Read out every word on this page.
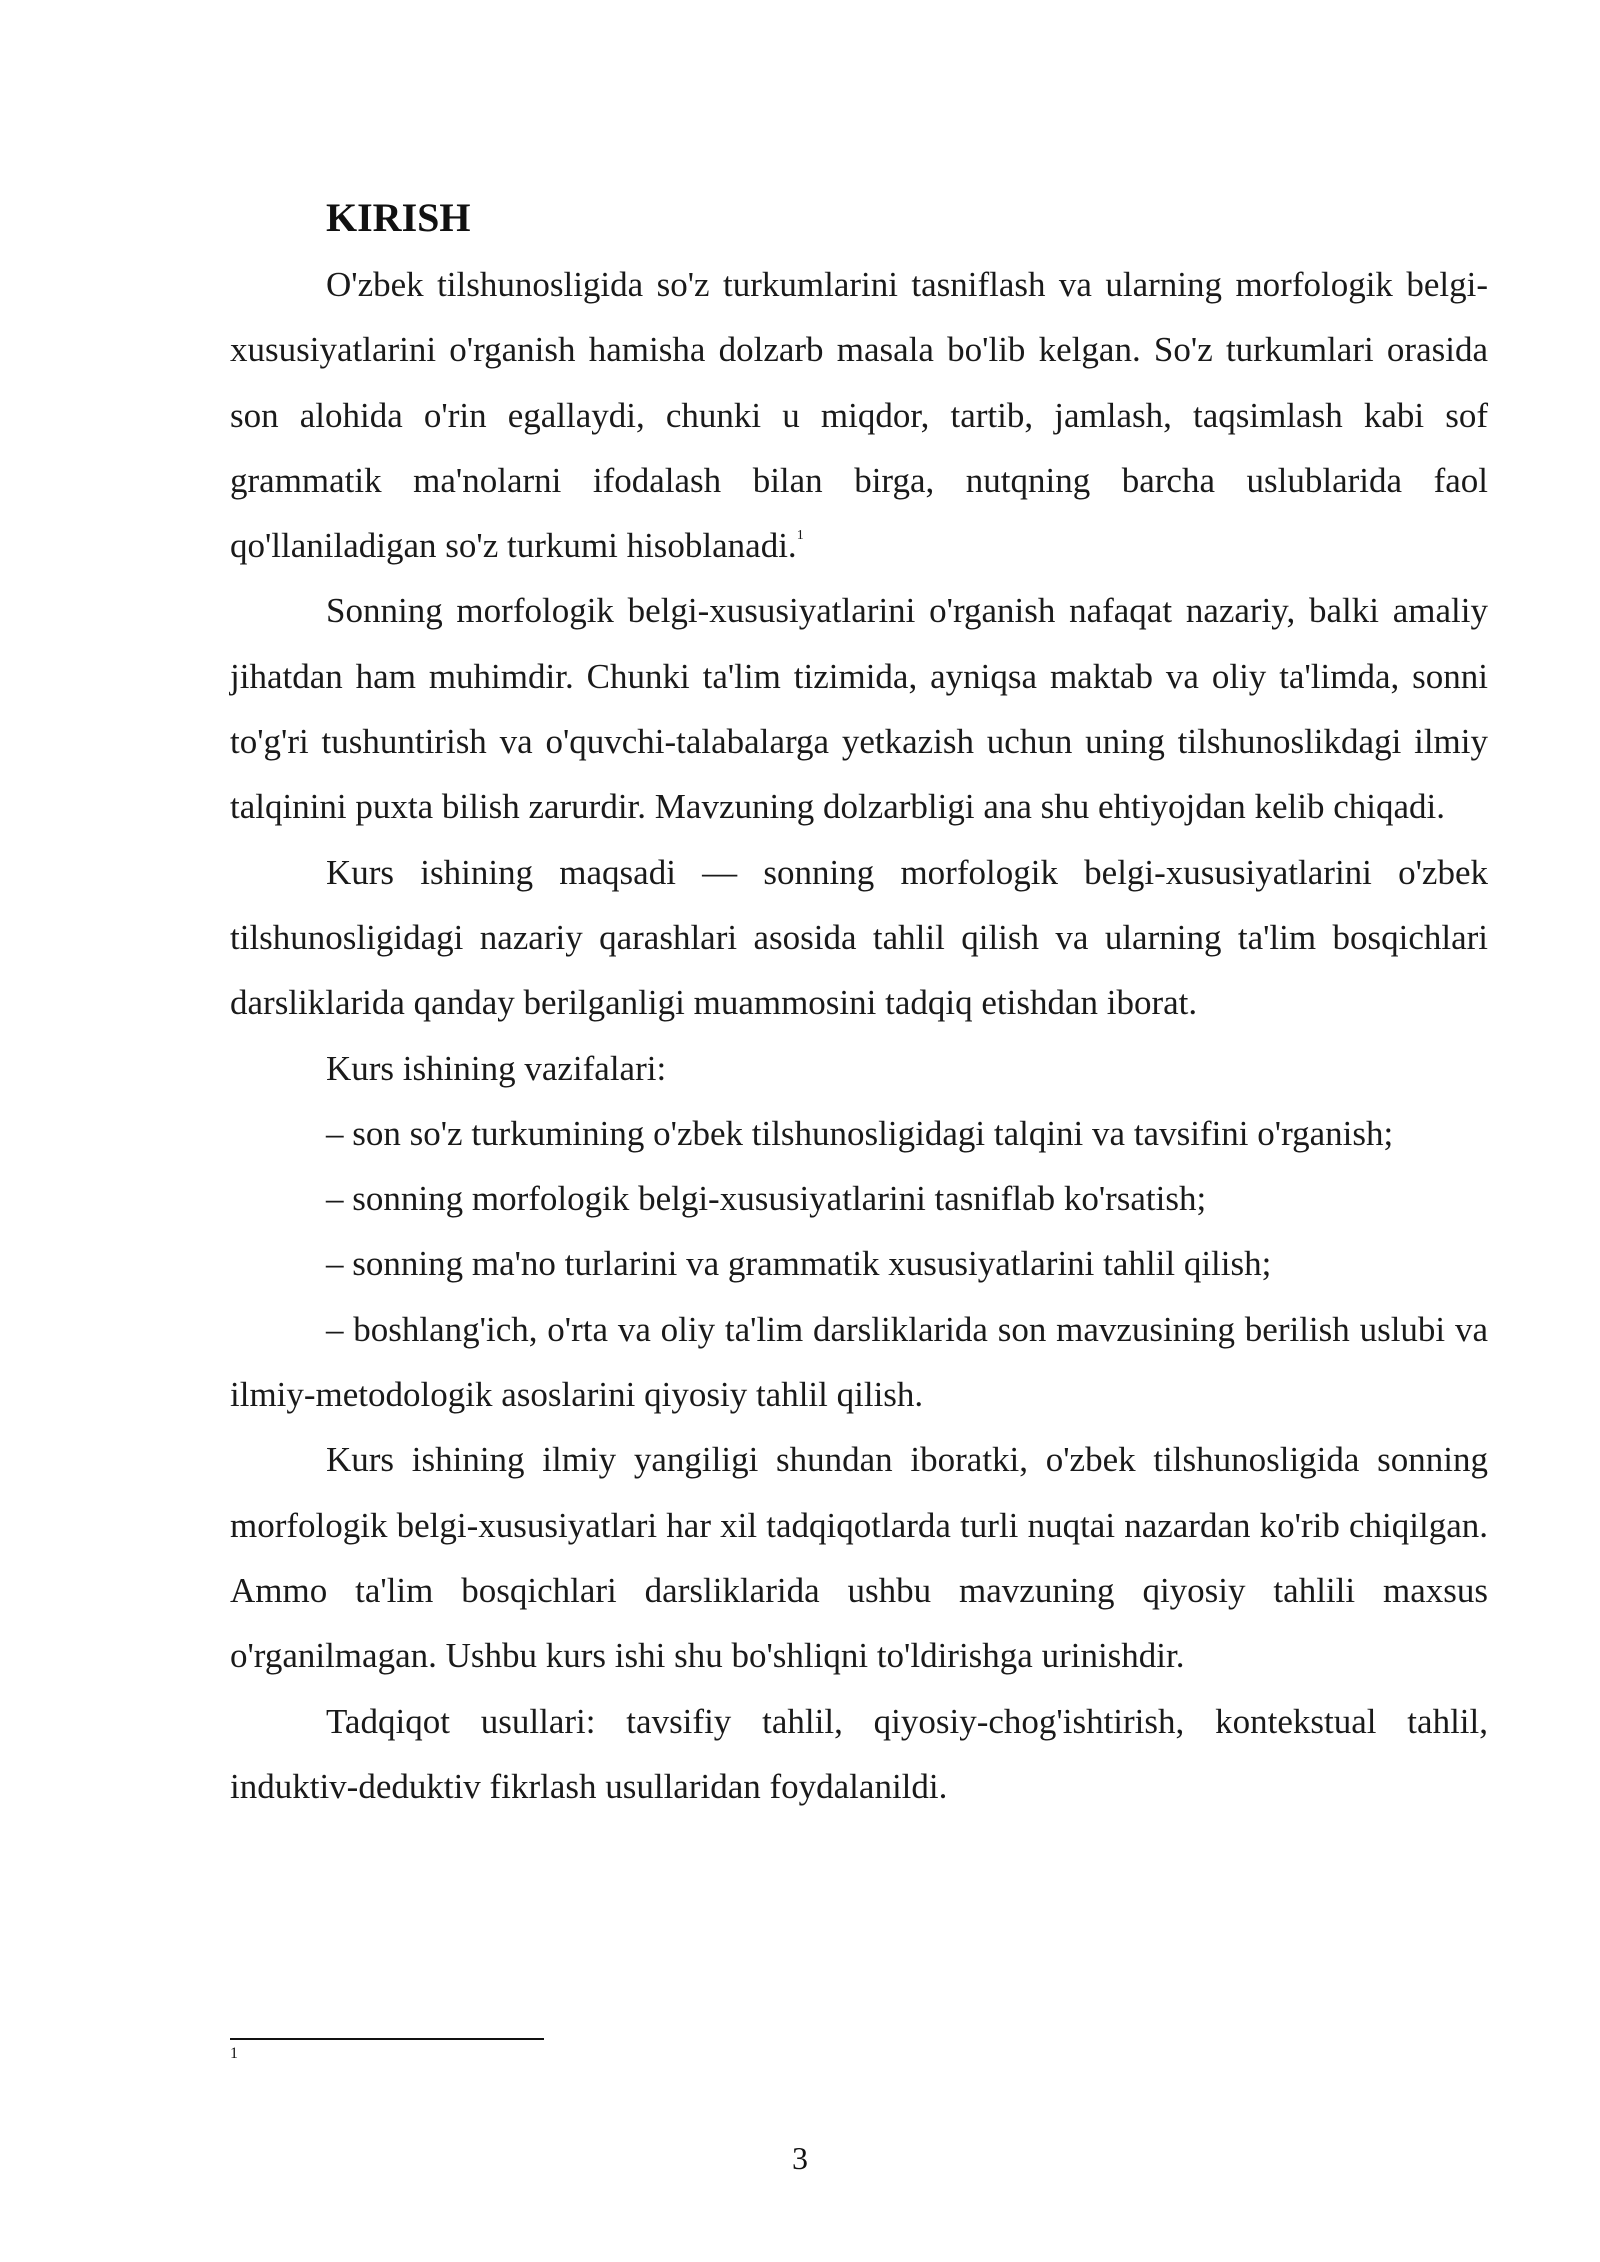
KIRISH

O'zbek tilshunosligida so'z turkumlarini tasniflash va ularning morfologik belgi-xususiyatlarini o'rganish hamisha dolzarb masala bo'lib kelgan. So'z turkumlari orasida son alohida o'rin egallaydi, chunki u miqdor, tartib, jamlash, taqsimlash kabi sof grammatik ma'nolarni ifodalash bilan birga, nutqning barcha uslublarida faol qo'llaniladigan so'z turkumi hisoblanadi.$^1$

Sonning morfologik belgi-xususiyatlarini o'rganish nafaqat nazariy, balki amaliy jihatdan ham muhimdir. Chunki ta'lim tizimida, ayniqsa maktab va oliy ta'limda, sonni to'g'ri tushuntirish va o'quvchi-talabalarga yetkazish uchun uning tilshunoslikdagi ilmiy talqinini puxta bilish zarurdir. Mavzuning dolzarbligi ana shu ehtiyojdan kelib chiqadi.

Kurs ishining maqsadi — sonning morfologik belgi-xususiyatlarini o'zbek tilshunosligidagi nazariy qarashlari asosida tahlil qilish va ularning ta'lim bosqichlari darsliklarida qanday berilganligi muammosini tadqiq etishdan iborat.

Kurs ishining vazifalari:

– son so'z turkumining o'zbek tilshunosligidagi talqini va tavsifini o'rganish;

– sonning morfologik belgi-xususiyatlarini tasniflab ko'rsatish;

– sonning ma'no turlarini va grammatik xususiyatlarini tahlil qilish;

– boshlang'ich, o'rta va oliy ta'lim darsliklarida son mavzusining berilish uslubi va ilmiy-metodologik asoslarini qiyosiy tahlil qilish.

Kurs ishining ilmiy yangiligi shundan iboratki, o'zbek tilshunosligida sonning morfologik belgi-xususiyatlari har xil tadqiqotlarda turli nuqtai nazardan ko'rib chiqilgan. Ammo ta'lim bosqichlari darsliklarida ushbu mavzuning qiyosiy tahlili maxsus o'rganilmagan. Ushbu kurs ishi shu bo'shliqni to'ldirishga urinishdir.

Tadqiqot usullari: tavsifiy tahlil, qiyosiy-chog'ishtirish, kontekstual tahlil, induktiv-deduktiv fikrlash usullaridan foydalanildi.

1
3
